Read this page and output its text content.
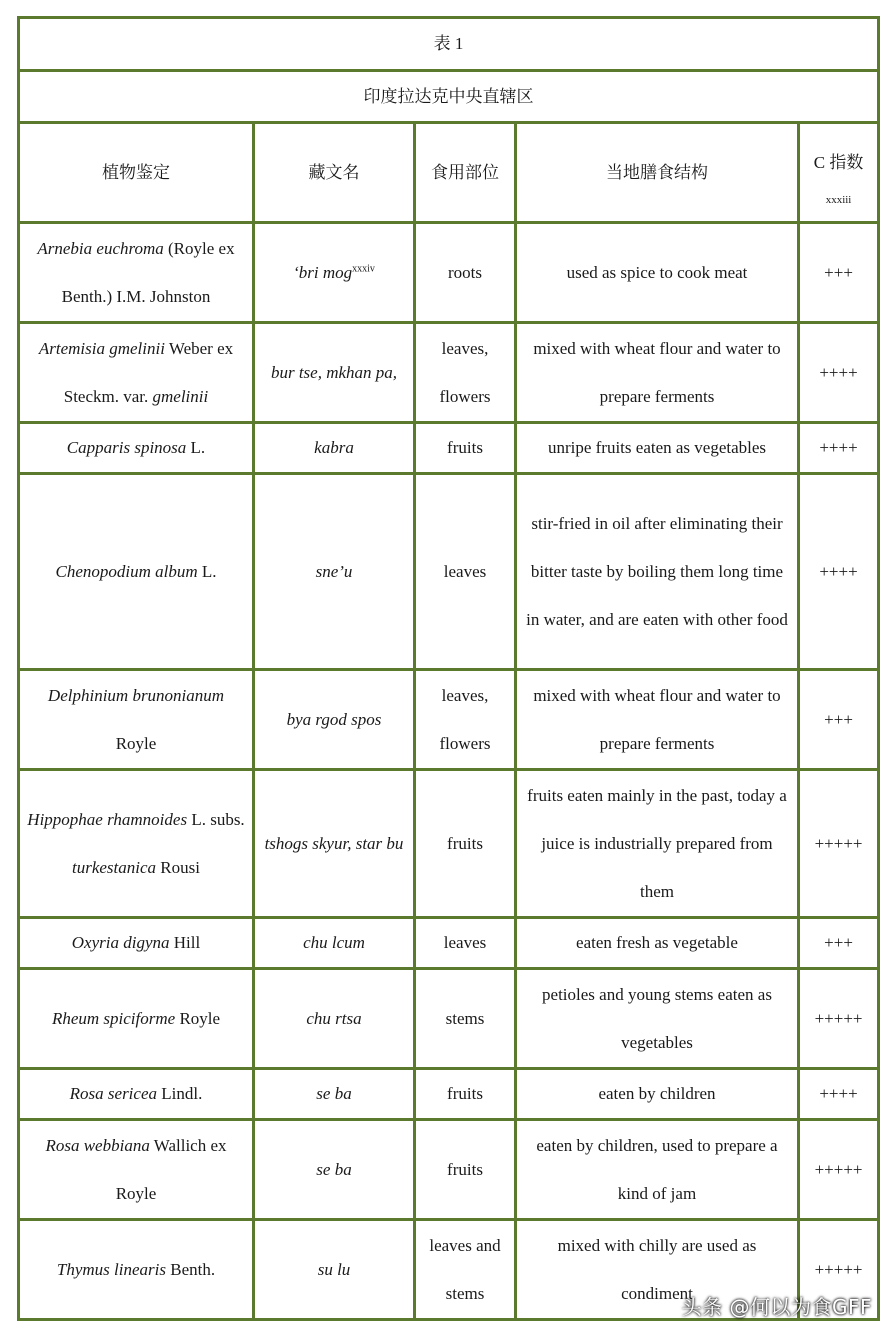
表 1				
印度拉达克中央直辖区				
植物鉴定	藏文名	食用部位	当地膳食结构	C 指数
xxxiii

Arnebia euchroma (Royle ex Benth.) I.M. Johnston	‘bri mog$^{xxxiv}$	roots	used as spice to cook meat	+++
Artemisia gmelinii Weber ex Steckm. var. gmelinii	bur tse, mkhan pa,	leaves, flowers	mixed with wheat flour and water to prepare ferments	++++
Capparis spinosa L.	kabra	fruits	unripe fruits eaten as vegetables	++++
Chenopodium album L.	sne’u	leaves	stir-fried in oil after eliminating their bitter taste by boiling them long time in water, and are eaten with other food	++++
Delphinium brunonianum Royle	bya rgod spos	leaves, flowers	mixed with wheat flour and water to prepare ferments	+++
Hippophae rhamnoides L. subs. turkestanica Rousi	tshogs skyur, star bu	fruits	fruits eaten mainly in the past, today a juice is industrially prepared from them	+++++
Oxyria digyna Hill	chu lcum	leaves	eaten fresh as vegetable	+++
Rheum spiciforme Royle	chu rtsa	stems	petioles and young stems eaten as vegetables	+++++
Rosa sericea Lindl.	se ba	fruits	eaten by children	++++
Rosa webbiana Wallich ex Royle	se ba	fruits	eaten by children, used to prepare a kind of jam	+++++
Thymus linearis Benth.	su lu	leaves and stems	mixed with chilly are used as condiment	+++++
头条 @何以为食GFF
